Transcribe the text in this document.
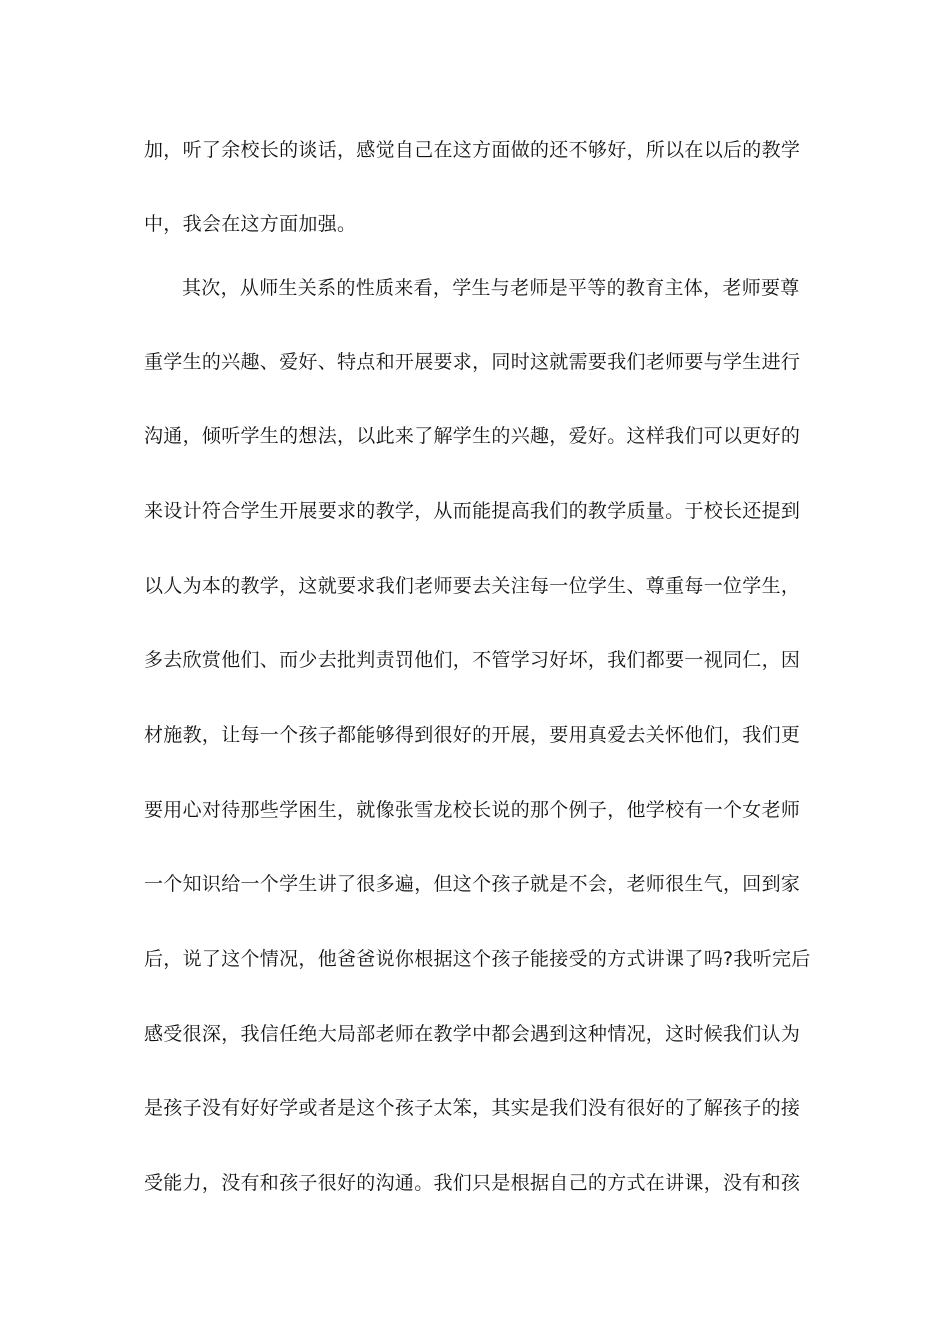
加，听了余校长的谈话，感觉自己在这方面做的还不够好，所以在以后的教学
中，我会在这方面加强。
其次，从师生关系的性质来看，学生与老师是平等的教育主体，老师要尊
重学生的兴趣、爱好、特点和开展要求，同时这就需要我们老师要与学生进行
沟通，倾听学生的想法，以此来了解学生的兴趣，爱好。这样我们可以更好的
来设计符合学生开展要求的教学，从而能提高我们的教学质量。于校长还提到
以人为本的教学，这就要求我们老师要去关注每一位学生、尊重每一位学生，
多去欣赏他们、而少去批判责罚他们，不管学习好坏，我们都要一视同仁，因
材施教，让每一个孩子都能够得到很好的开展，要用真爱去关怀他们，我们更
要用心对待那些学困生，就像张雪龙校长说的那个例子，他学校有一个女老师
一个知识给一个学生讲了很多遍，但这个孩子就是不会，老师很生气，回到家
后，说了这个情况，他爸爸说你根据这个孩子能接受的方式讲课了吗?我听完后
感受很深，我信任绝大局部老师在教学中都会遇到这种情况，这时候我们认为
是孩子没有好好学或者是这个孩子太笨，其实是我们没有很好的了解孩子的接
受能力，没有和孩子很好的沟通。我们只是根据自己的方式在讲课，没有和孩
